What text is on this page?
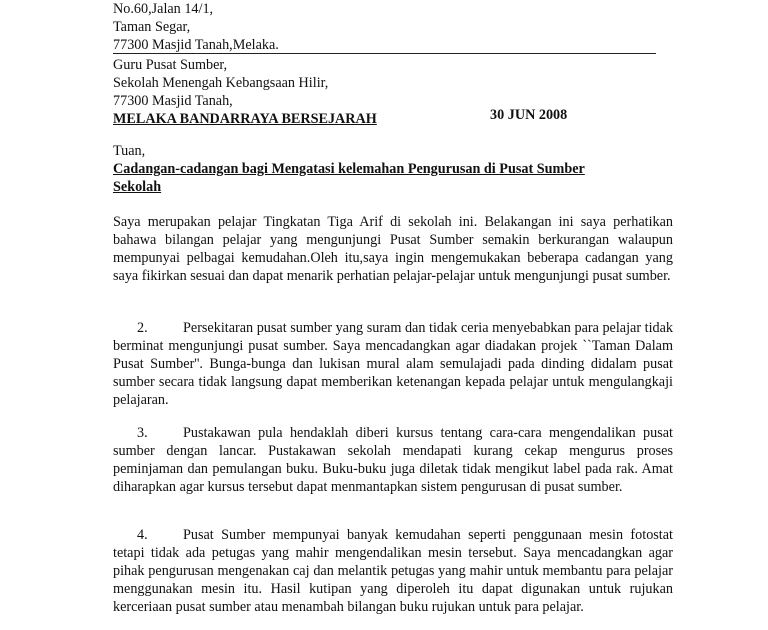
No.60,Jalan 14/1,
Taman Segar,
77300 Masjid Tanah,Melaka.
Guru Pusat Sumber,
Sekolah Menengah Kebangsaan Hilir,
77300 Masjid Tanah,
MELAKA BANDARRAYA BERSEJARAH	30 JUN 2008
Tuan,
Cadangan-cadangan bagi Mengatasi kelemahan Pengurusan di Pusat Sumber
Sekolah
Saya merupakan pelajar Tingkatan Tiga Arif di sekolah ini. Belakangan ini saya perhatikan bahawa bilangan pelajar yang mengunjungi Pusat Sumber semakin berkurangan walaupun mempunyai pelbagai kemudahan.Oleh itu,saya ingin mengemukakan beberapa cadangan yang saya fikirkan sesuai dan dapat menarik perhatian pelajar-pelajar untuk mengunjungi pusat sumber.
2. Persekitaran pusat sumber yang suram dan tidak ceria menyebabkan para pelajar tidak berminat mengunjungi pusat sumber. Saya mencadangkan agar diadakan projek ``Taman Dalam Pusat Sumber''. Bunga-bunga dan lukisan mural alam semulajadi pada dinding didalam pusat sumber secara tidak langsung dapat memberikan ketenangan kepada pelajar untuk mengulangkaji pelajaran.
3. Pustakawan pula hendaklah diberi kursus tentang cara-cara mengendalikan pusat sumber dengan lancar. Pustakawan sekolah mendapati kurang cekap mengurus proses peminjaman dan pemulangan buku. Buku-buku juga diletak tidak mengikut label pada rak. Amat diharapkan agar kursus tersebut dapat menmantapkan sistem pengurusan di pusat sumber.
4. Pusat Sumber mempunyai banyak kemudahan seperti penggunaan mesin fotostat tetapi tidak ada petugas yang mahir mengendalikan mesin tersebut. Saya mencadangkan agar pihak pengurusan mengenakan caj dan melantik petugas yang mahir untuk membantu para pelajar menggunakan mesin itu. Hasil kutipan yang diperoleh itu dapat digunakan untuk rujukan kerceriaan pusat sumber atau menambah bilangan buku rujukan untuk para pelajar.
